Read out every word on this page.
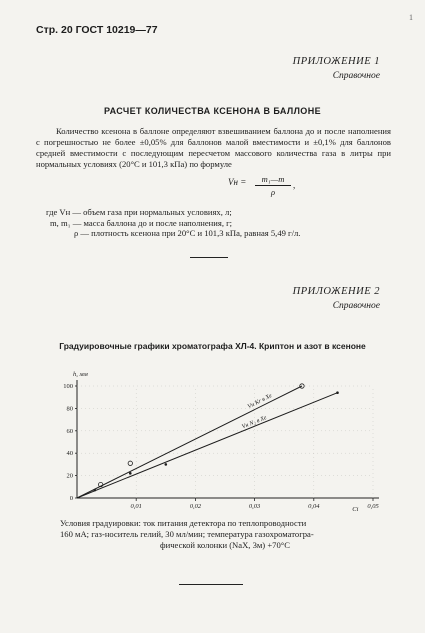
Стр. 20 ГОСТ 10219—77
1
ПРИЛОЖЕНИЕ 1
Справочное
РАСЧЕТ КОЛИЧЕСТВА КСЕНОНА В БАЛЛОНЕ
Количество ксенона в баллоне определяют взвешиванием баллона до и после наполнения с погрешностью не более ±0,05% для баллонов малой вместимости и ±0,1% для баллонов средней вместимости с последующим пересчетом массового количества газа в литры при нормальных условиях (20°С и 101,3 кПа) по формуле
Vн = $\frac{\text{m₁—m}}{\rho}$ ,
где Vн — объем газа при нормальных условиях, л;
m, m₁ — масса баллона до и после наполнения, г;
ρ — плотность ксенона при 20°С и 101,3 кПа, равная 5,49 г/л.
ПРИЛОЖЕНИЕ 2
Справочное
Градуировочные графики хроматографа ХЛ-4. Криптон и азот в ксеноне
h, мм
0
20
40
60
80
100
0,01	0,02	0,03	0,04	0,05
Сi
Vн Kr в Xe
Vн N₂ в Xe
Условия градуировки: ток питания детектора по теплопроводности
160 мА; газ-носитель гелий, 30 мл/мин; температура газохроматогра-
фической колонки (NaX, 3м) +70°С
